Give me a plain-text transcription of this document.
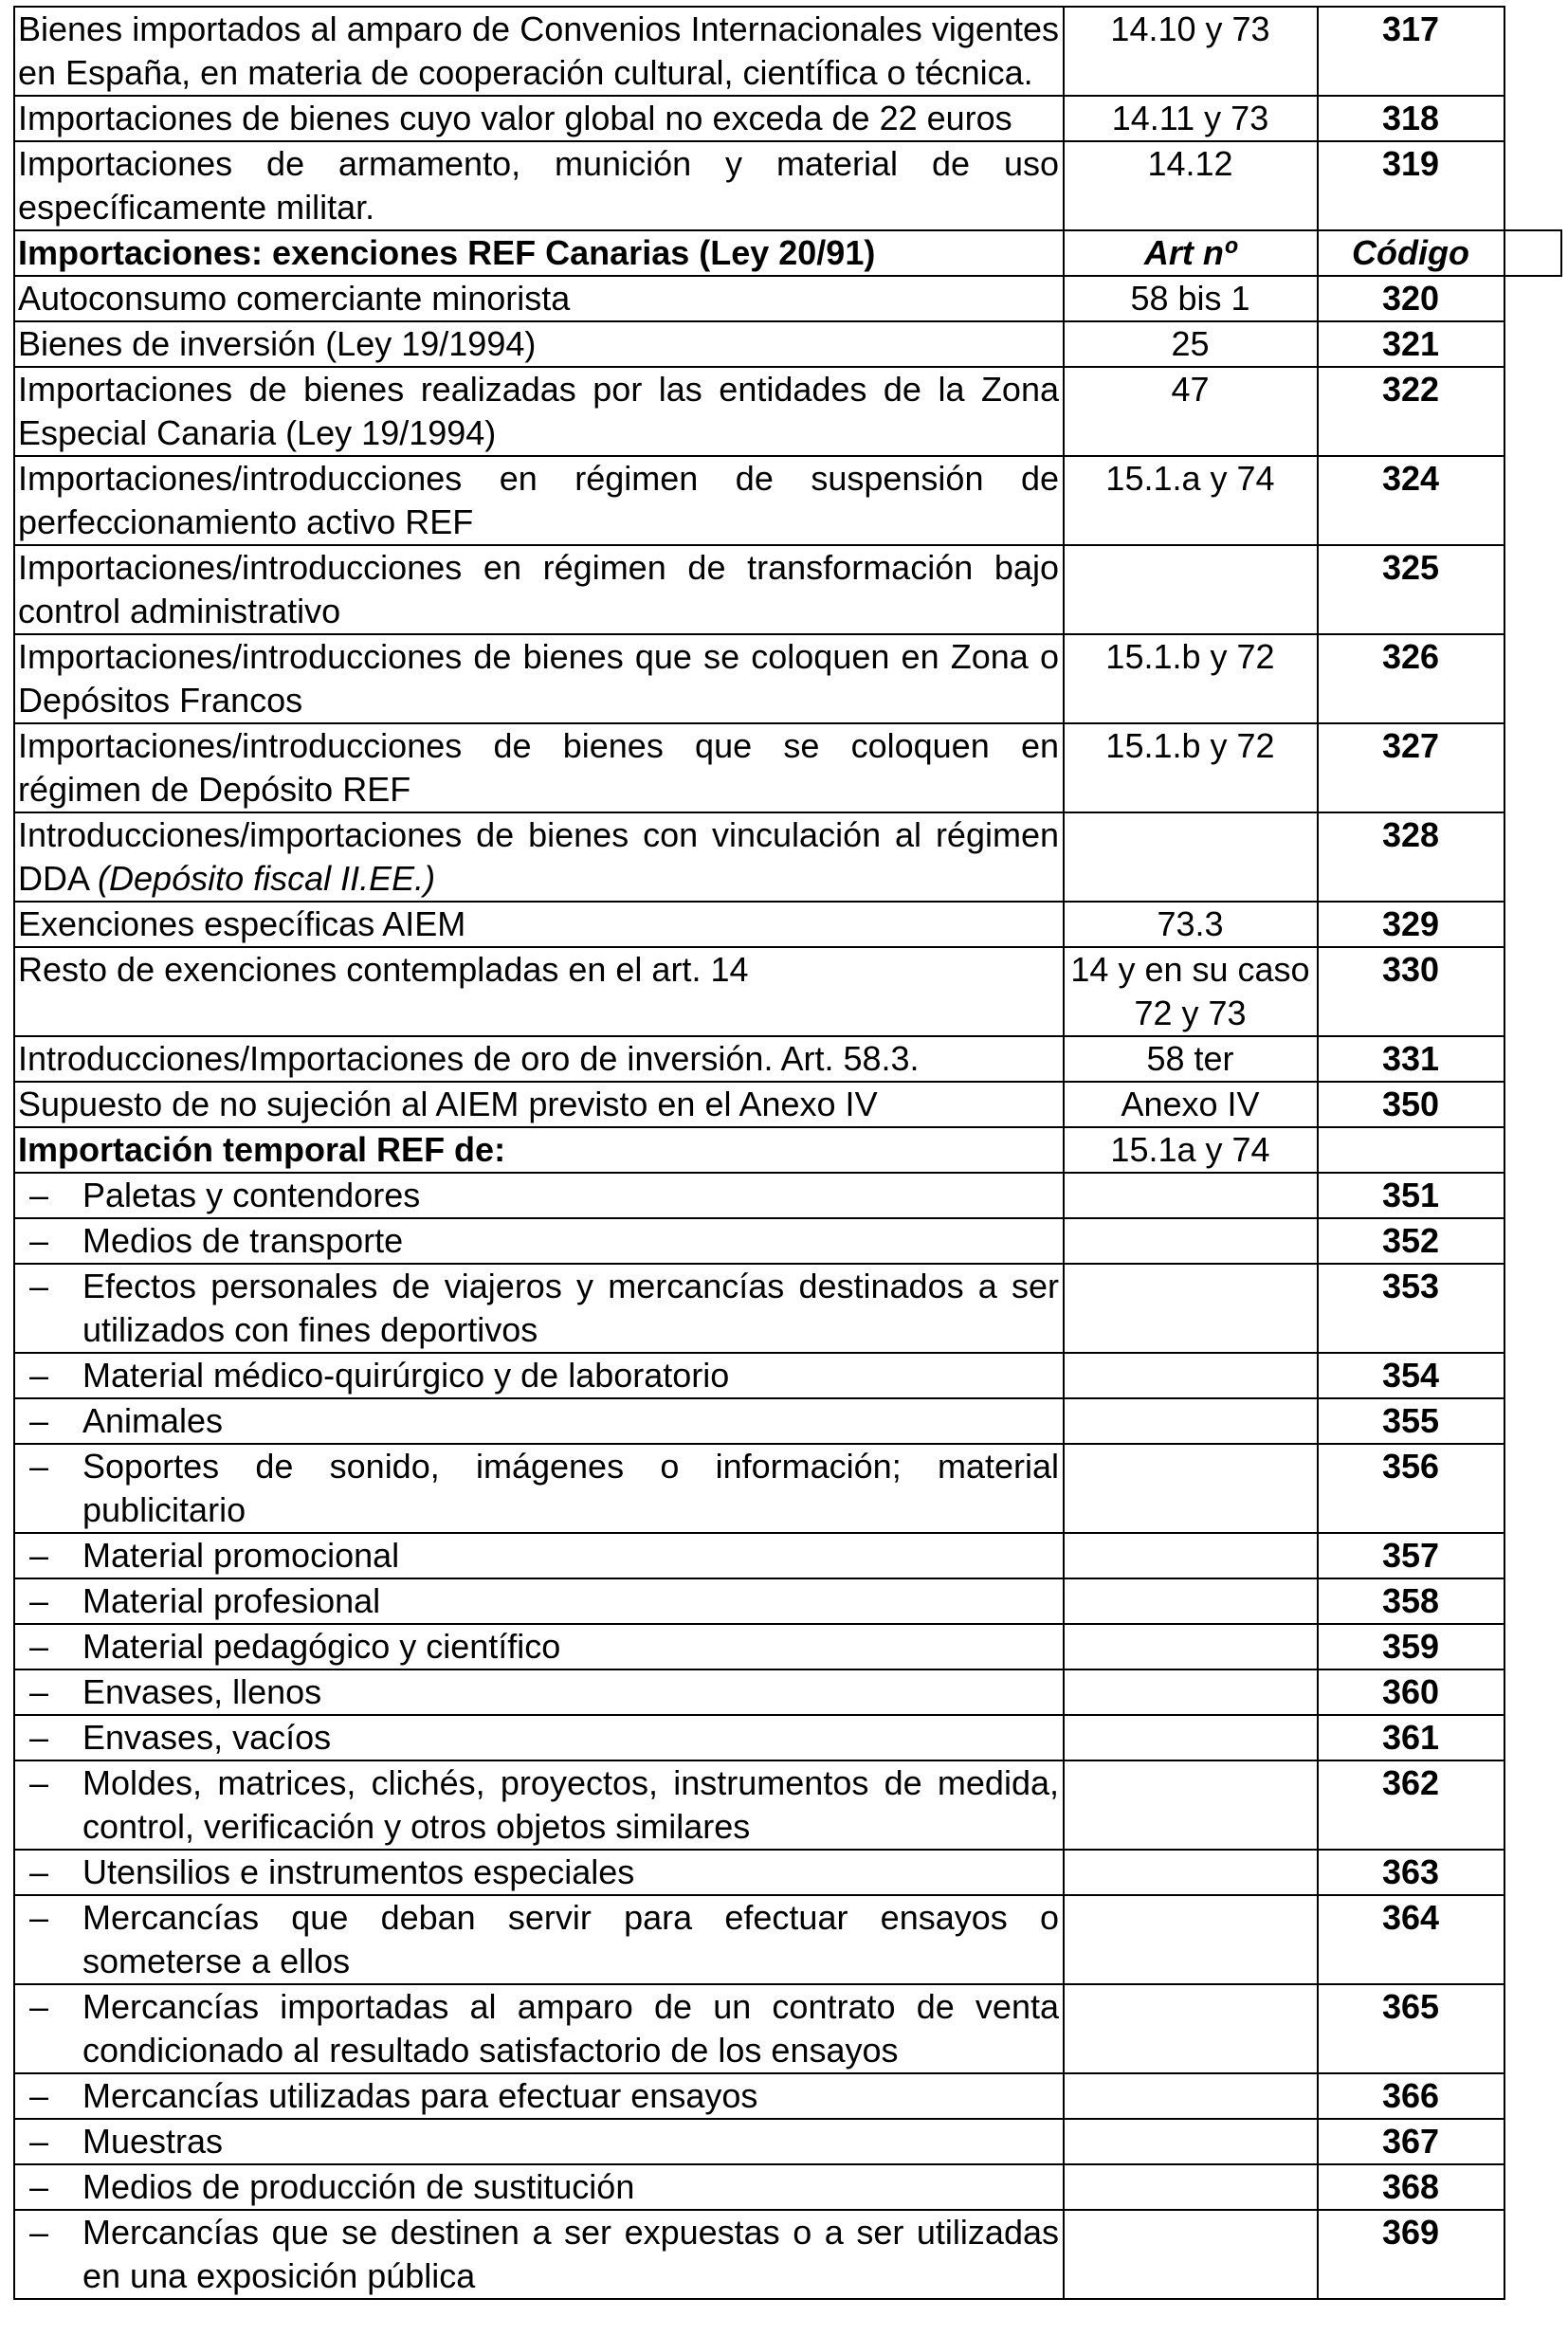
Bienes importados al amparo de Convenios Internacionales vigentes en España, en materia de cooperación cultural, científica o técnica.	14.10 y 73	317	
Importaciones de bienes cuyo valor global no exceda de 22 euros	14.11 y 73	318	
Importaciones de armamento, munición y material de uso específicamente militar.	14.12	319	
Importaciones: exenciones REF Canarias (Ley 20/91)	Art nº	Código	
Autoconsumo comerciante minorista	58 bis 1	320	
Bienes de inversión (Ley 19/1994)	25	321	
Importaciones de bienes realizadas por las entidades de la Zona Especial Canaria (Ley 19/1994)	47	322	
Importaciones/introducciones en régimen de suspensión de perfeccionamiento activo REF	15.1.a y 74	324	
Importaciones/introducciones en régimen de transformación bajo control administrativo		325	
Importaciones/introducciones de bienes que se coloquen en Zona o Depósitos Francos	15.1.b y 72	326	
Importaciones/introducciones de bienes que se coloquen en régimen de Depósito REF	15.1.b y 72	327	
Introducciones/importaciones de bienes con vinculación al régimen DDA (Depósito fiscal II.EE.)		328	
Exenciones específicas AIEM	73.3	329	
Resto de exenciones contempladas en el art. 14	14 y en su caso 72 y 73	330	
Introducciones/Importaciones de oro de inversión. Art. 58.3.	58 ter	331	
Supuesto de no sujeción al AIEM previsto en el Anexo IV	Anexo IV	350	
Importación temporal REF de:	15.1a y 74		

– Paletas y contendores		351	

– Medios de transporte		352	

– Efectos personales de viajeros y mercancías destinados a ser utilizados con fines deportivos		353	

– Material médico-quirúrgico y de laboratorio		354	

– Animales		355	

– Soportes de sonido, imágenes o información; material publicitario		356	

– Material promocional		357	

– Material profesional		358	

– Material pedagógico y científico		359	

– Envases, llenos		360	

– Envases, vacíos		361	

– Moldes, matrices, clichés, proyectos, instrumentos de medida, control, verificación y otros objetos similares		362	

– Utensilios e instrumentos especiales		363	

– Mercancías que deban servir para efectuar ensayos o someterse a ellos		364	

– Mercancías importadas al amparo de un contrato de venta condicionado al resultado satisfactorio de los ensayos		365	

– Mercancías utilizadas para efectuar ensayos		366	

– Muestras		367	

– Medios de producción de sustitución		368	

– Mercancías que se destinen a ser expuestas o a ser utilizadas en una exposición pública		369	
